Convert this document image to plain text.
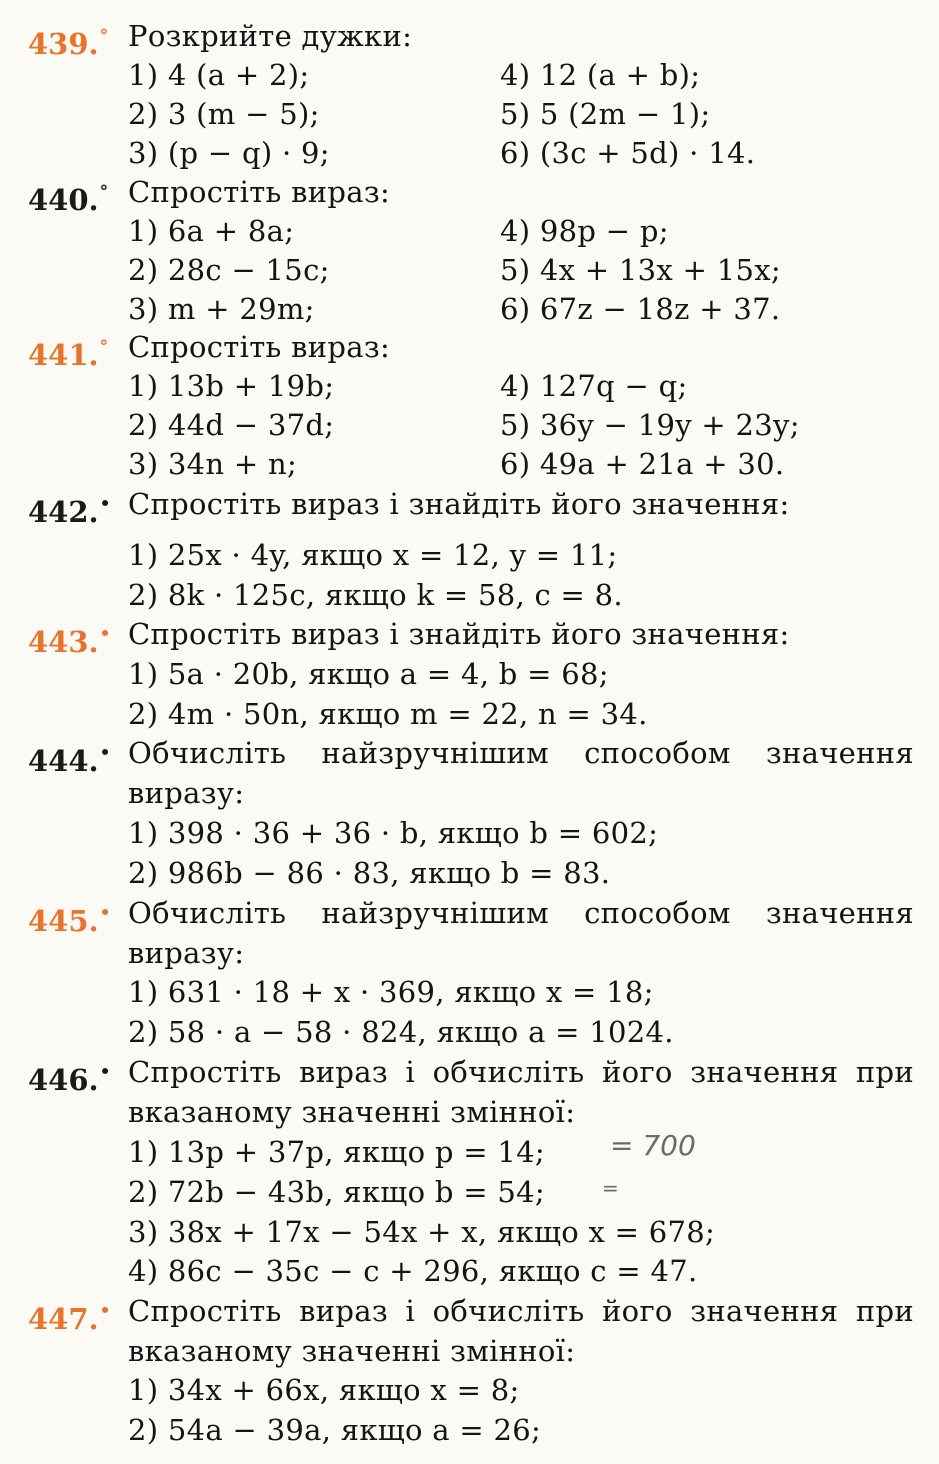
439.° Розкрийте дужки:
1) 4 (a + 2);	4) 12 (a + b);
2) 3 (m − 5);	5) 5 (2m − 1);
3) (p − q) · 9;	6) (3c + 5d) · 14.
440.° Спростіть вираз:
1) 6a + 8a;	4) 98p − p;
2) 28c − 15c;	5) 4x + 13x + 15x;
3) m + 29m;	6) 67z − 18z + 37.
441.° Спростіть вираз:
1) 13b + 19b;	4) 127q − q;
2) 44d − 37d;	5) 36y − 19y + 23y;
3) 34n + n;	6) 49a + 21a + 30.
442.• Спростіть вираз і знайдіть його значення:
1) 25x · 4y, якщо x = 12, y = 11;
2) 8k · 125c, якщо k = 58, c = 8.
443.• Спростіть вираз і знайдіть його значення:
1) 5a · 20b, якщо a = 4, b = 68;
2) 4m · 50n, якщо m = 22, n = 34.
444.• Обчисліть найзручнішим способом значення виразу:
1) 398 · 36 + 36 · b, якщо b = 602;
2) 986b − 86 · 83, якщо b = 83.
445.• Обчисліть найзручнішим способом значення виразу:
1) 631 · 18 + x · 369, якщо x = 18;
2) 58 · a − 58 · 824, якщо a = 1024.
446.• Спростіть вираз і обчисліть його значення при вказаному значенні змінної:
1) 13p + 37p, якщо p = 14; = 700
2) 72b − 43b, якщо b = 54;	=
3) 38x + 17x − 54x + x, якщо x = 678;
4) 86c − 35c − c + 296, якщо c = 47.
447.• Спростіть вираз і обчисліть його значення при вказаному значенні змінної:
1) 34x + 66x, якщо x = 8;
2) 54a − 39a, якщо a = 26;
